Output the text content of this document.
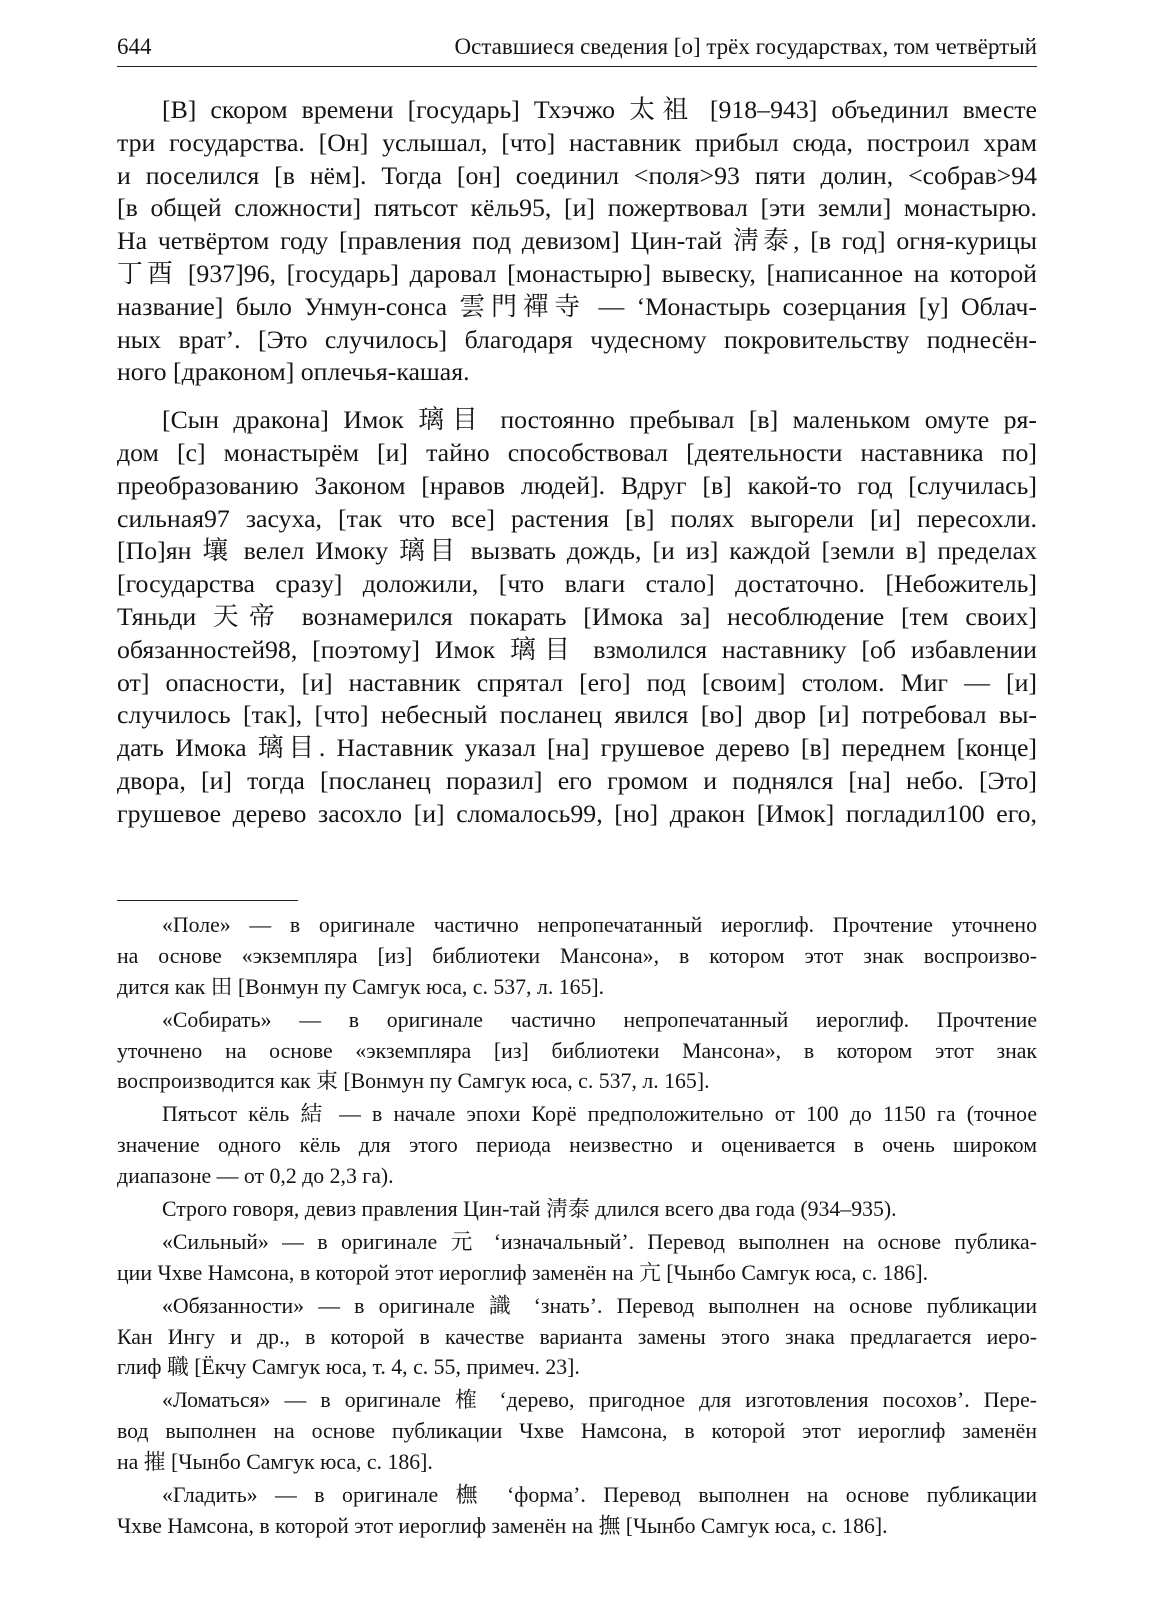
644	Оставшиеся сведения [о] трёх государствах, том четвёртый
[В] скором времени [государь] Тхэчжо 太祖 [918–943] объединил вместе
три государства. [Он] услышал, [что] наставник прибыл сюда, построил храм
и поселился [в нём]. Тогда [он] соединил <поля>93 пяти долин, <собрав>94
[в общей сложности] пятьсот кёль95, [и] пожертвовал [эти земли] монастырю.
На четвёртом году [правления под девизом] Цин-тай 淸泰, [в год] огня-курицы
丁酉 [937]96, [государь] даровал [монастырю] вывеску, [написанное на которой
название] было Унмун-сонса 雲門禪寺 — ‘Монастырь созерцания [у] Облач-
ных врат’. [Это случилось] благодаря чудесному покровительству поднесён-
ного [драконом] оплечья-кашая.
[Сын дракона] Имок 璃目 постоянно пребывал [в] маленьком омуте ря-
дом [с] монастырём [и] тайно способствовал [деятельности наставника по]
преобразованию Законом [нравов людей]. Вдруг [в] какой-то год [случилась]
сильная97 засуха, [так что все] растения [в] полях выгорели [и] пересохли.
[По]ян 壤 велел Имоку 璃目 вызвать дождь, [и из] каждой [земли в] пределах
[государства сразу] доложили, [что влаги стало] достаточно. [Небожитель]
Тяньди 天帝 вознамерился покарать [Имока за] несоблюдение [тем своих]
обязанностей98, [поэтому] Имок 璃目 взмолился наставнику [об избавлении
от] опасности, [и] наставник спрятал [его] под [своим] столом. Миг — [и]
случилось [так], [что] небесный посланец явился [во] двор [и] потребовал вы-
дать Имока 璃目. Наставник указал [на] грушевое дерево [в] переднем [конце]
двора, [и] тогда [посланец поразил] его громом и поднялся [на] небо. [Это]
грушевое дерево засохло [и] сломалось99, [но] дракон [Имок] погладил100 его,
«Поле» — в оригинале частично непропечатанный иероглиф. Прочтение уточнено
на основе «экземпляра [из] библиотеки Мансона», в котором этот знак воспроизво-
дится как 田 [Вонмун пу Самгук юса, с. 537, л. 165].
«Собирать» — в оригинале частично непропечатанный иероглиф. Прочтение
уточнено на основе «экземпляра [из] библиотеки Мансона», в котором этот знак
воспроизводится как 束 [Вонмун пу Самгук юса, с. 537, л. 165].
Пятьсот кёль 結 — в начале эпохи Корё предположительно от 100 до 1150 га (точное
значение одного кёль для этого периода неизвестно и оценивается в очень широком
диапазоне — от 0,2 до 2,3 га).
Строго говоря, девиз правления Цин-тай 淸泰 длился всего два года (934–935).
«Сильный» — в оригинале 元 ‘изначальный’. Перевод выполнен на основе публика-
ции Чхве Намсона, в которой этот иероглиф заменён на 亢 [Чынбо Самгук юса, с. 186].
«Обязанности» — в оригинале 識 ‘знать’. Перевод выполнен на основе публикации
Кан Ингу и др., в которой в качестве варианта замены этого знака предлагается иеро-
глиф 職 [Ёкчу Самгук юса, т. 4, с. 55, примеч. 23].
«Ломаться» — в оригинале 榷 ‘дерево, пригодное для изготовления посохов’. Пере-
вод выполнен на основе публикации Чхве Намсона, в которой этот иероглиф заменён
на 摧 [Чынбо Самгук юса, с. 186].
«Гладить» — в оригинале 橅 ‘форма’. Перевод выполнен на основе публикации
Чхве Намсона, в которой этот иероглиф заменён на 撫 [Чынбо Самгук юса, с. 186].
